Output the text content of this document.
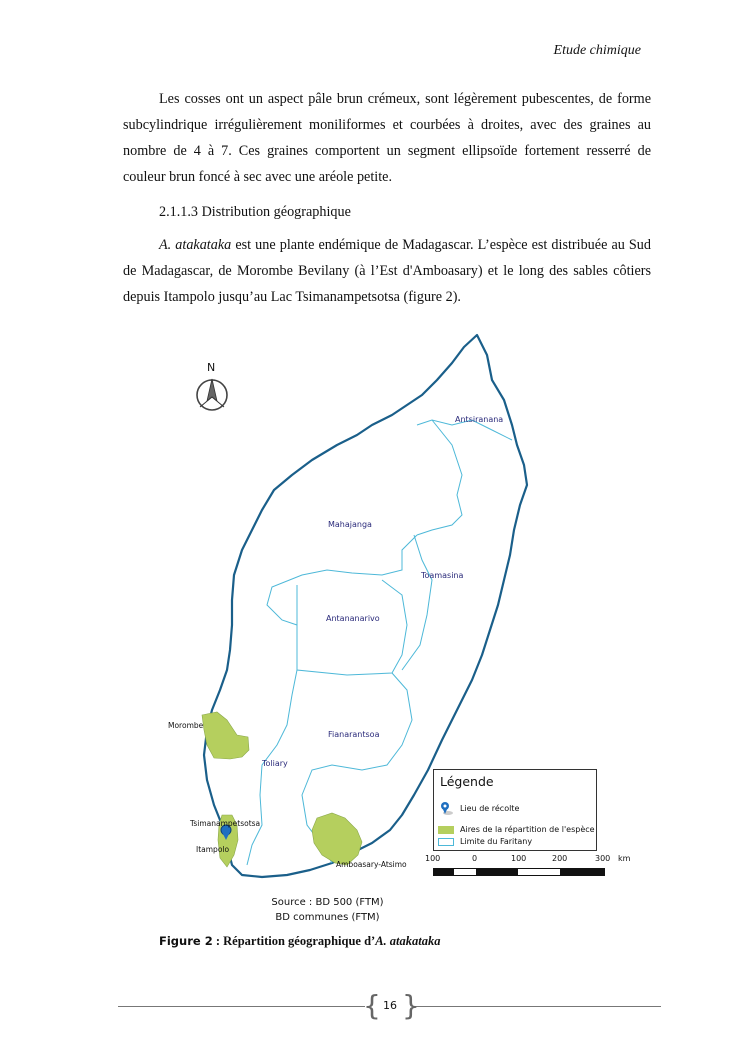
Etude chimique

Les cosses ont un aspect pâle brun crémeux, sont légèrement pubescentes, de forme subcylindrique irrégulièrement moniliformes et courbées à droites, avec des graines au nombre de 4 à 7. Ces graines comportent un segment ellipsoïde fortement resserré de couleur brun foncé à sec avec une aréole petite.

2.1.1.3 Distribution géographique

A. atakataka est une plante endémique de Madagascar. L’espèce est distribuée au Sud de Madagascar, de Morombe Bevilany (à l’Est d'Amboasary) et le long des sables côtiers depuis Itampolo jusqu’au Lac Tsimanampetsotsa (figure 2).

N
Antsiranana
Mahajanga
Toamasina
Antananarivo
Fianarantsoa
Toliary
Morombe
Tsimanampetsotsa
Itampolo
Amboasary-Atsimo
Légende
Lieu de récolte
Aires de la répartition de l'espèce
Limite du Faritany
100	0	100	200	300 km
Source : BD 500 (FTM)
BD communes (FTM)
Figure 2 : Répartition géographique d’A. atakataka
{ }
16
